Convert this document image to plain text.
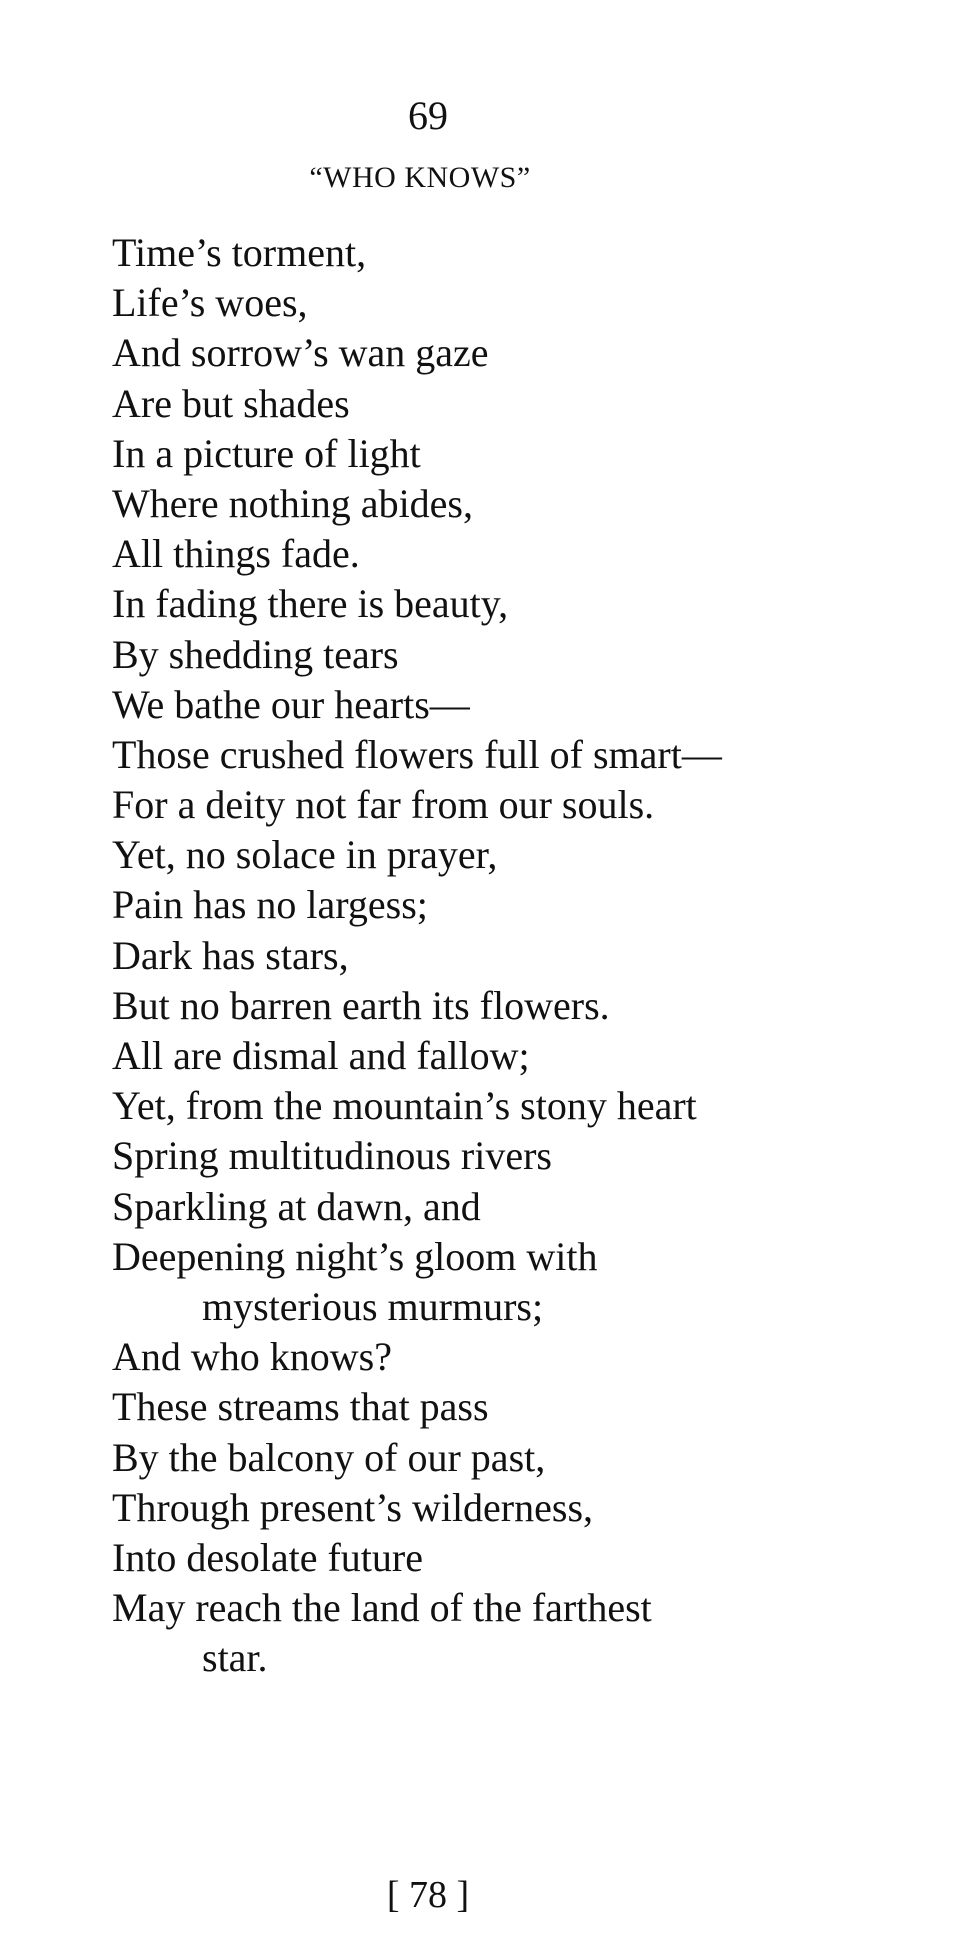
69
“WHO KNOWS”
Time’s torment,
Life’s woes,
And sorrow’s wan gaze
Are but shades
In a picture of light
Where nothing abides,
All things fade.
In fading there is beauty,
By shedding tears
We bathe our hearts—
Those crushed flowers full of smart—
For a deity not far from our souls.
Yet, no solace in prayer,
Pain has no largess;
Dark has stars,
But no barren earth its flowers.
All are dismal and fallow;
Yet, from the mountain’s stony heart
Spring multitudinous rivers
Sparkling at dawn, and
Deepening night’s gloom with
mysterious murmurs;
And who knows?
These streams that pass
By the balcony of our past,
Through present’s wilderness,
Into desolate future
May reach the land of the farthest
star.
[ 78 ]
